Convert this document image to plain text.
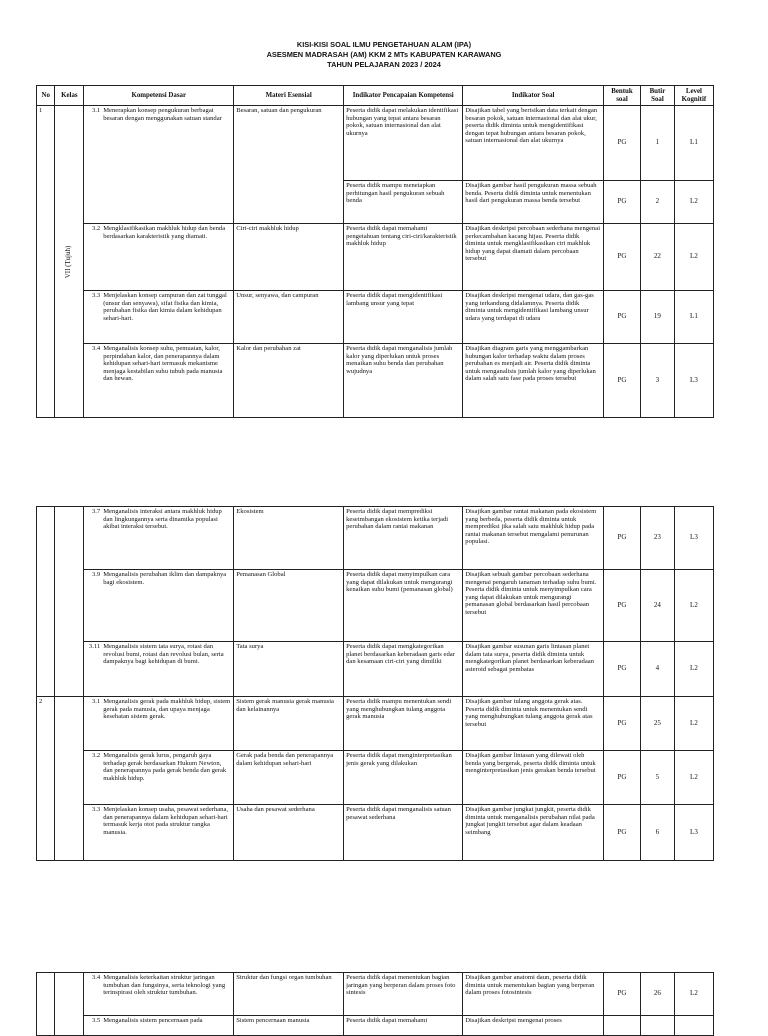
KISI-KISI SOAL ILMU PENGETAHUAN ALAM (IPA)
ASESMEN MADRASAH (AM) KKM 2 MTs KABUPATEN KARAWANG
TAHUN PELAJARAN 2023 / 2024
No	Kelas	Kompetensi Dasar		Materi Esensial	Indikator Pencapaian Kompetensi	Indikator Soal	Bentuk soal	Butir Soal	Level Kognitif
1	VII (Tujuh)	3.1	Menerapkan konsep pengukuran berbagai besaran dengan menggunakan satuan standar	Besaran, satuan dan pengukuran	Peserta didik dapat melakukan identifikasi hubungan yang tepat antara besaran pokok, satuan internasional dan alat ukurnya	Disajikan tabel yang berisikan data terkait dengan besaran pokok, satuan internasional dan alat ukur, peserta didik diminta untuk mengidentifikasi dengan tepat hubungan antara besaran pokok, satuan internasional dan alat ukurnya	PG	1	L1
					Peserta didik mampu menetapkan perhitungan hasil pengukuran sebuah benda	Disajikan gambar hasil pengukuran massa sebuah benda. Peserta didik diminta untuk menentukan hasil dari pengukuran massa benda tersebut	PG	2	L2
		3.2	Mengklasifikasikan makhluk hidup dan benda berdasarkan karakteristik yang diamati.	Ciri-ciri makhluk hidup	Peserta didik dapat memahami pengetahuan tentang ciri-ciri/karakteristik makhluk hidup	Disajikan deskripsi percobaan sederhana mengenai perkecambahan kacang hijau. Peserta didik diminta untuk mengklasifikasikan ciri makhluk hidup yang dapat diamati dalam percobaan tersebut	PG	22	L2
		3.3	Menjelaskan konsep campuran dan zat tunggal (unsur dan senyawa), sifat fisika dan kimia, perubahan fisika dan kimia dalam kehidupan sehari-hari.	Unsur, senyawa, dan campuran	Peserta didik dapat mengidentifikasi lambang unsur yang tepat	Disajikan deskripsi mengenai udara, dan gas-gas yang terkandung didalamnya. Peserta didik diminta untuk mengidentifikasi lambang unsur udara yang terdapat di udara	PG	19	L1
		3.4	Menganalisis konsep suhu, pemuaian, kalor, perpindahan kalor, dan penerapannya dalam kehidupan sehari-hari termasuk mekanisme menjaga kestabilan suhu tubuh pada manusia dan hewan.	Kalor dan perubahan zat	Peserta didik dapat menganalisis jumlah kalor yang diperlukan untuk proses menaikan suhu benda dan perubahan wujudnya	Disajikan diagram garis yang menggambarkan hubungan kalor terhadap waktu dalam proses perubahan es menjadi air. Peserta didik diminta untuk menganalisis jumlah kalor yang diperlukan dalam salah satu fase pada proses tersebut	PG	3	L3
		3.7	Menganalisis interaksi antara makhluk hidup dan lingkungannya serta dinamika populasi akibat interaksi tersebut.	Ekosistem	Peserta didik dapat memprediksi keseimbangan ekosistem ketika terjadi perubahan dalam rantai makanan	Disajikan gambar rantai makanan pada ekosistem yang berbeda, peserta didik diminta untuk memprediksi jika salah satu makhluk hidup pada rantai makanan tersebut mengalami penurunan populasi.	PG	23	L3
		3.9	Menganalisis perubahan iklim dan dampaknya bagi ekosistem.	Pemanasan Global	Peserta didik dapat menyimpulkan cara yang dapat dilakukan untuk mengurangi kenaikan suhu bumi (pemanasan global)	Disajikan sebuah gambar percobaan sederhana mengenai pengaruh tanaman terhadap suhu bumi. Peserta didik diminta untuk menyimpulkan cara yang dapat dilakukan untuk mengurangi pemanasan global berdasarkan hasil percobaan tersebut	PG	24	L2
		3.11	Menganalisis sistem tata surya, rotasi dan revolusi bumi, rotasi dan revolusi bulan, serta dampaknya bagi kehidupan di bumi.	Tata surya	Peserta didik dapat mengkategorikan planet berdasarkan keberadaan garis edar dan kesamaan ciri-ciri yang dimiliki	Disajikan gambar susunan garis lintasan planet dalam tata surya, peserta didik diminta untuk mengkategorikan planet berdasarkan keberadaan asteroid sebagai pembatas	PG	4	L2
2		3.1	Menganalisis gerak pada makhluk hidup, sistem gerak pada manusia, dan upaya menjaga kesehatan sistem gerak.	Sistem gerak manusia gerak manusia dan kelainannya	Peserta didik mampu menentukan sendi yang menghubungkan tulang anggota gerak manusia	Disajikan gambar tulang anggota gerak atas. Peserta didik diminta untuk menentukan sendi yang menghubungkan tulang anggota gerak atas tersebut	PG	25	L2
		3.2	Menganalisis gerak lurus, pengaruh gaya terhadap gerak berdasarkan Hukum Newton, dan penerapannya pada gerak benda dan gerak makhluk hidup.	Gerak pada benda dan penerapannya dalam kehidupan sehari-hari	Peserta didik dapat menginterpretasikan jenis gerak yang dilakukan	Disajikan gambar lintasan yang dilewati oleh benda yang bergerak, peserta didik diminta untuk menginterpretasikan jenis gerakan benda tersebut	PG	5	L2
		3.3	Menjelaskan konsep usaha, pesawat sederhana, dan penerapannya dalam kehidupan sehari-hari termasuk kerja otot pada struktur rangka manusia.	Usaha dan pesawat sederhana	Peserta didik dapat menganalisis satuan pesawat sederhana	Disajikan gambar jungkat jungkit, peserta didik diminta untuk menganalisis perubahan nilai pada jungkat jungkit tersebut agar dalam keadaan seimbang	PG	6	L3
		3.4	Menganalisis keterkaitan struktur jaringan tumbuhan dan fungsinya, serta teknologi yang terinspirasi oleh struktur tumbuhan.	Struktur dan fungsi organ tumbuhan	Peserta didik dapat menentukan bagian jaringan yang berperan dalam proses foto sintesis	Disajikan gambar anatomi daun, peserta didik diminta untuk menentukan bagian yang berperan dalam proses fotosintesis	PG	26	L2
		3.5	Menganalisis sistem pencernaan pada	Sistem pencernaan manusia	Peserta didik dapat memahami	Disajikan deskripsi mengenai proses			
